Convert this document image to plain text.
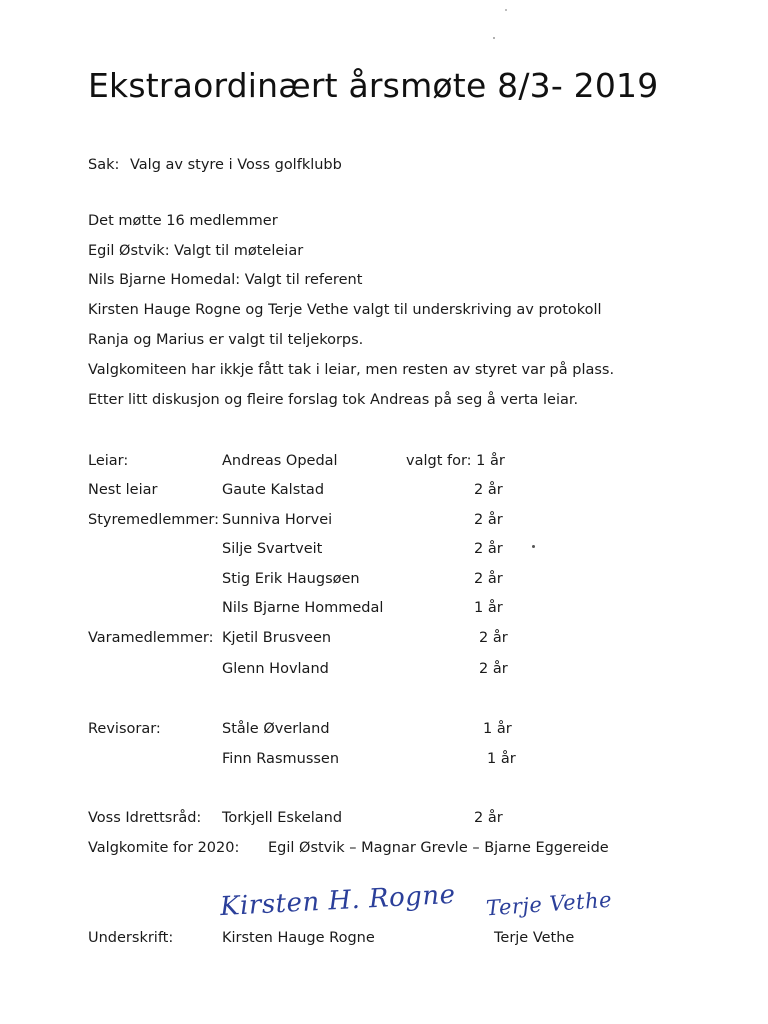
Ekstraordinært årsmøte 8/3- 2019
Sak: Valg av styre i Voss golfklubb
Det møtte 16 medlemmer
Egil Østvik: Valgt til møteleiar
Nils Bjarne Homedal: Valgt til referent
Kirsten Hauge Rogne og Terje Vethe valgt til underskriving av protokoll
Ranja og Marius er valgt til teljekorps.
Valgkomiteen har ikkje fått tak i leiar, men resten av styret var på plass.
Etter litt diskusjon og fleire forslag tok Andreas på seg å verta leiar.
Leiar:	Andreas Opedal	valgt for: 1 år
Nest leiar	Gaute Kalstad	2 år
Styremedlemmer: Sunniva Horvei	2 år
Silje Svartveit	2 år
Stig Erik Haugsøen	2 år
Nils Bjarne Hommedal	1 år
Varamedlemmer: Kjetil Brusveen	2 år
Glenn Hovland	2 år
Revisorar:	Ståle Øverland	1 år
Finn Rasmussen	1 år
Voss Idrettsråd: Torkjell Eskeland	2 år
Valgkomite for 2020: Egil Østvik – Magnar Grevle – Bjarne Eggereide
Kirsten H. Rogne Terje Vethe
Underskrift:	Kirsten Hauge Rogne	Terje Vethe
